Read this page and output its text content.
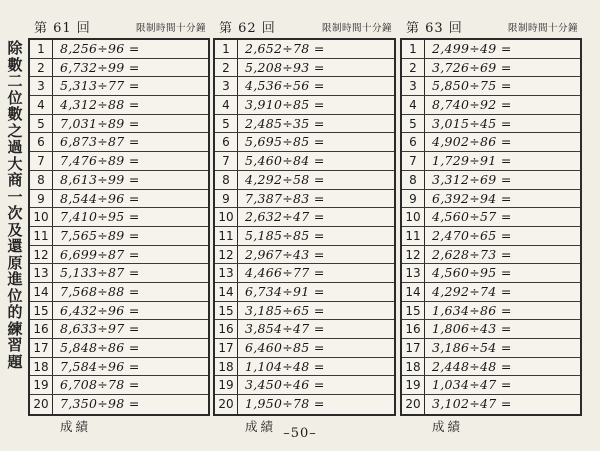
除
數
二
位
數
之
過
大
商
一
次
及
還
原
進
位
的
練
習
題
第 61 回	限制時間十分鐘
1	8,256÷96 =
2	6,732÷99 =
3	5,313÷77 =
4	4,312÷88 =
5	7,031÷89 =
6	6,873÷87 =
7	7,476÷89 =
8	8,613÷99 =
9	8,544÷96 =
10 7,410÷95 =
11 7,565÷89 =
12 6,699÷87 =
13 5,133÷87 =
14 7,568÷88 =
15 6,432÷96 =
16 8,633÷97 =
17 5,848÷86 =
18 7,584÷96 =
19 6,708÷78 =
20 7,350÷98 =
成績
第 62 回	限制時間十分鐘
1	2,652÷78 =
2	5,208÷93 =
3	4,536÷56 =
4	3,910÷85 =
5	2,485÷35 =
6	5,695÷85 =
7	5,460÷84 =
8	4,292÷58 =
9	7,387÷83 =
10 2,632÷47 =
11 5,185÷85 =
12 2,967÷43 =
13 4,466÷77 =
14 6,734÷91 =
15 3,185÷65 =
16 3,854÷47 =
17 6,460÷85 =
18 1,104÷48 =
19 3,450÷46 =
20 1,950÷78 =
成績
第 63 回	限制時間十分鐘
1	2,499÷49 =
2	3,726÷69 =
3	5,850÷75 =
4	8,740÷92 =
5	3,015÷45 =
6	4,902÷86 =
7	1,729÷91 =
8	3,312÷69 =
9	6,392÷94 =
10 4,560÷57 =
11 2,470÷65 =
12 2,628÷73 =
13 4,560÷95 =
14 4,292÷74 =
15 1,634÷86 =
16 1,806÷43 =
17 3,186÷54 =
18 2,448÷48 =
19 1,034÷47 =
20 3,102÷47 =
成績
–50–
